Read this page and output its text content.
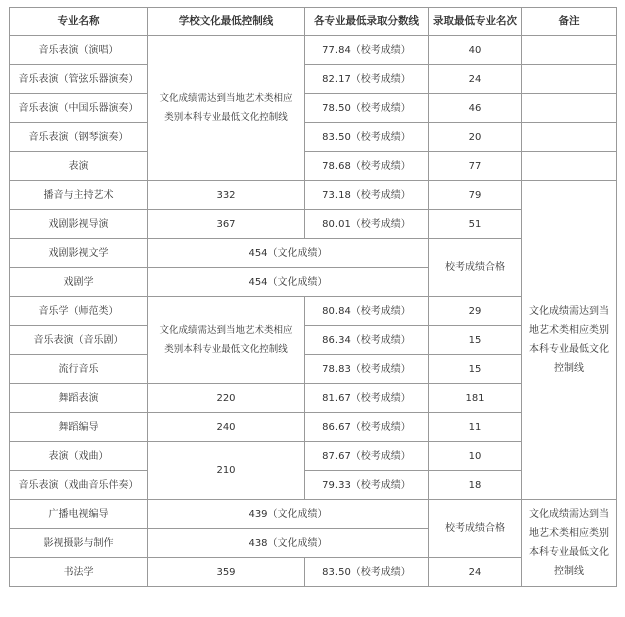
专业名称	学校文化最低控制线	各专业最低录取分数线	录取最低专业名次	备注	
音乐表演（演唱）	文化成绩需达到当地艺术类相应类别本科专业最低文化控制线	77.84（校考成绩）	40		
音乐表演（管弦乐器演奏）		82.17（校考成绩）	24		
音乐表演（中国乐器演奏）		78.50（校考成绩）	46		
音乐表演（钢琴演奏）		83.50（校考成绩）	20		
表演		78.68（校考成绩）	77		
播音与主持艺术	332	73.18（校考成绩）	79	文化成绩需达到当地艺术类相应类别本科专业最低文化控制线	
戏剧影视导演	367	80.01（校考成绩）	51		
戏剧影视文学	454（文化成绩）		校考成绩合格		
戏剧学	454（文化成绩）				
音乐学（师范类）	文化成绩需达到当地艺术类相应类别本科专业最低文化控制线	80.84（校考成绩）	29		
音乐表演（音乐剧）		86.34（校考成绩）	15		
流行音乐		78.83（校考成绩）	15		
舞蹈表演	220	81.67（校考成绩）	181		
舞蹈编导	240	86.67（校考成绩）	11		
表演（戏曲）	210	87.67（校考成绩）	10		
音乐表演（戏曲音乐伴奏）		79.33（校考成绩）	18		
广播电视编导	439（文化成绩）		校考成绩合格	文化成绩需达到当地艺术类相应类别本科专业最低文化控制线	
影视摄影与制作	438（文化成绩）				
书法学	359	83.50（校考成绩）	24		
